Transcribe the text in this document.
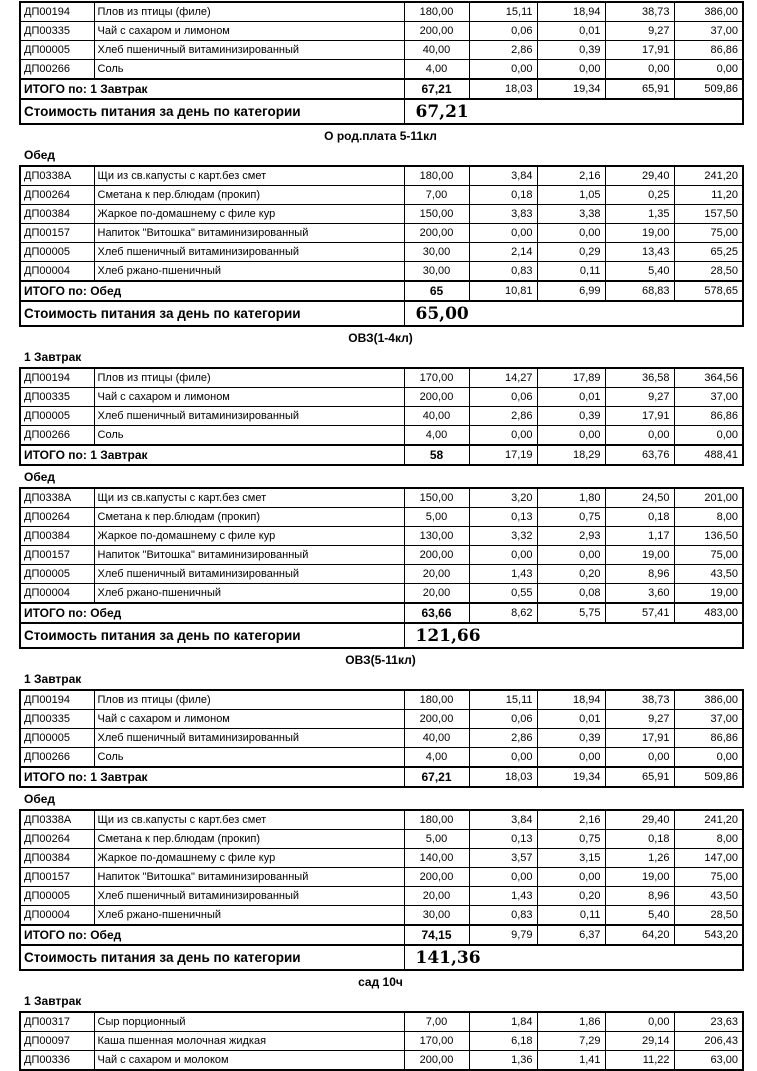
ДП00194	Плов из птицы (филе)	180,00	15,11	18,94	38,73	386,00
ДП00335	Чай с сахаром и лимоном	200,00	0,06	0,01	9,27	37,00
ДП00005	Хлеб пшеничный витаминизированный	40,00	2,86	0,39	17,91	86,86
ДП00266	Соль	4,00	0,00	0,00	0,00	0,00
ИТОГО по: 1 Завтрак		67,21	18,03	19,34	65,91	509,86
Стоимость питания за день по категории		67,21				
О род.плата 5-11кл
Обед
ДП0338А	Щи из св.капусты с карт.без смет	180,00	3,84	2,16	29,40	241,20
ДП00264	Сметана к пер.блюдам (прокип)	7,00	0,18	1,05	0,25	11,20
ДП00384	Жаркое по-домашнему с филе кур	150,00	3,83	3,38	1,35	157,50
ДП00157	Напиток "Витошка" витаминизированный	200,00	0,00	0,00	19,00	75,00
ДП00005	Хлеб пшеничный витаминизированный	30,00	2,14	0,29	13,43	65,25
ДП00004	Хлеб ржано-пшеничный	30,00	0,83	0,11	5,40	28,50
ИТОГО по: Обед		65	10,81	6,99	68,83	578,65
Стоимость питания за день по категории		65,00				
ОВЗ(1-4кл)
1 Завтрак
ДП00194	Плов из птицы (филе)	170,00	14,27	17,89	36,58	364,56
ДП00335	Чай с сахаром и лимоном	200,00	0,06	0,01	9,27	37,00
ДП00005	Хлеб пшеничный витаминизированный	40,00	2,86	0,39	17,91	86,86
ДП00266	Соль	4,00	0,00	0,00	0,00	0,00
ИТОГО по: 1 Завтрак		58	17,19	18,29	63,76	488,41
Обед
ДП0338А	Щи из св.капусты с карт.без смет	150,00	3,20	1,80	24,50	201,00
ДП00264	Сметана к пер.блюдам (прокип)	5,00	0,13	0,75	0,18	8,00
ДП00384	Жаркое по-домашнему с филе кур	130,00	3,32	2,93	1,17	136,50
ДП00157	Напиток "Витошка" витаминизированный	200,00	0,00	0,00	19,00	75,00
ДП00005	Хлеб пшеничный витаминизированный	20,00	1,43	0,20	8,96	43,50
ДП00004	Хлеб ржано-пшеничный	20,00	0,55	0,08	3,60	19,00
ИТОГО по: Обед		63,66	8,62	5,75	57,41	483,00
Стоимость питания за день по категории		121,66				
ОВЗ(5-11кл)
1 Завтрак
ДП00194	Плов из птицы (филе)	180,00	15,11	18,94	38,73	386,00
ДП00335	Чай с сахаром и лимоном	200,00	0,06	0,01	9,27	37,00
ДП00005	Хлеб пшеничный витаминизированный	40,00	2,86	0,39	17,91	86,86
ДП00266	Соль	4,00	0,00	0,00	0,00	0,00
ИТОГО по: 1 Завтрак		67,21	18,03	19,34	65,91	509,86
Обед
ДП0338А	Щи из св.капусты с карт.без смет	180,00	3,84	2,16	29,40	241,20
ДП00264	Сметана к пер.блюдам (прокип)	5,00	0,13	0,75	0,18	8,00
ДП00384	Жаркое по-домашнему с филе кур	140,00	3,57	3,15	1,26	147,00
ДП00157	Напиток "Витошка" витаминизированный	200,00	0,00	0,00	19,00	75,00
ДП00005	Хлеб пшеничный витаминизированный	20,00	1,43	0,20	8,96	43,50
ДП00004	Хлеб ржано-пшеничный	30,00	0,83	0,11	5,40	28,50
ИТОГО по: Обед		74,15	9,79	6,37	64,20	543,20
Стоимость питания за день по категории		141,36				
сад 10ч
1 Завтрак
ДП00317	Сыр порционный	7,00	1,84	1,86	0,00	23,63
ДП00097	Каша пшенная молочная жидкая	170,00	6,18	7,29	29,14	206,43
ДП00336	Чай с сахаром и молоком	200,00	1,36	1,41	11,22	63,00
